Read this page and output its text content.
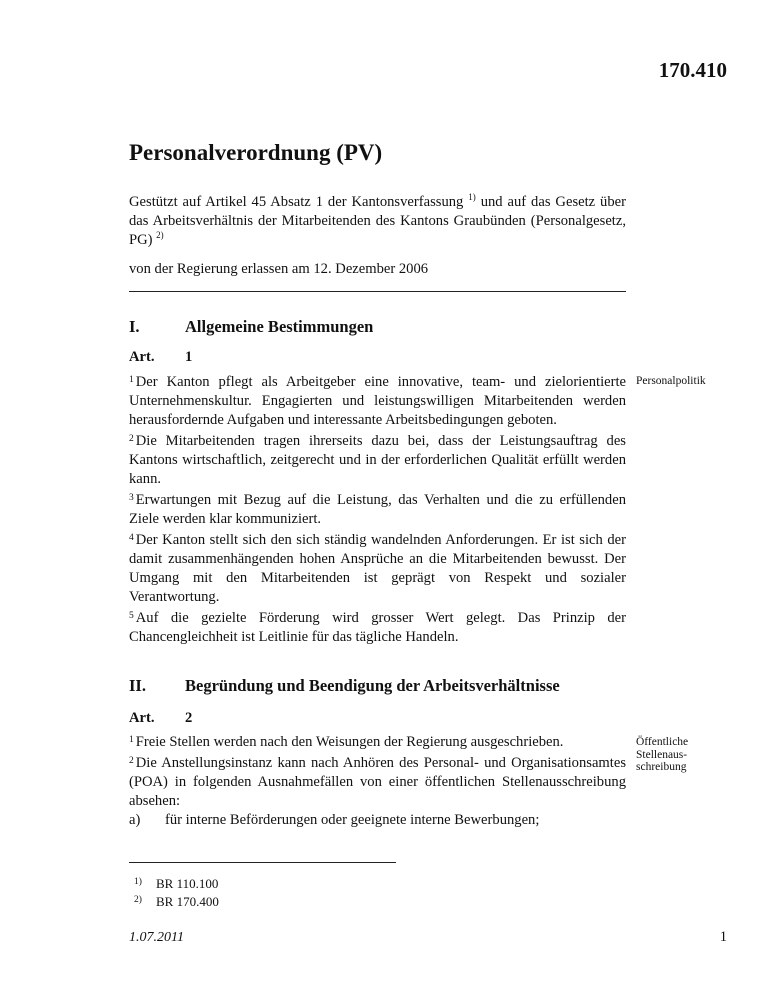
170.410
Personalverordnung (PV)
Gestützt auf Artikel 45 Absatz 1 der Kantonsverfassung $^{1)}$ und auf das Gesetz über das Arbeitsverhältnis der Mitarbeitenden des Kantons Graubünden (Personalgesetz, PG) $^{2)}$
von der Regierung erlassen am 12. Dezember 2006
I.	Allgemeine Bestimmungen
Art. 1
Personalpolitik

$^1$ Der Kanton pflegt als Arbeitgeber eine innovative, team- und zielorientierte Unternehmenskultur. Engagierten und leistungswilligen Mitarbeitenden werden herausfordernde Aufgaben und interessante Arbeitsbedingungen geboten.

$^2$ Die Mitarbeitenden tragen ihrerseits dazu bei, dass der Leistungsauftrag des Kantons wirtschaftlich, zeitgerecht und in der erforderlichen Qualität erfüllt werden kann.

$^3$ Erwartungen mit Bezug auf die Leistung, das Verhalten und die zu erfüllenden Ziele werden klar kommuniziert.

$^4$ Der Kanton stellt sich den sich ständig wandelnden Anforderungen. Er ist sich der damit zusammenhängenden hohen Ansprüche an die Mitarbeitenden bewusst. Der Umgang mit den Mitarbeitenden ist geprägt von Respekt und sozialer Verantwortung.

$^5$ Auf die gezielte Förderung wird grosser Wert gelegt. Das Prinzip der Chancengleichheit ist Leitlinie für das tägliche Handeln.

II. Begründung und Beendigung der Arbeitsverhältnisse
Art. 2
Öffentliche
Stellenaus-
schreibung

$^1$ Freie Stellen werden nach den Weisungen der Regierung ausgeschrieben.

$^2$ Die Anstellungsinstanz kann nach Anhören des Personal- und Organisationsamtes (POA) in folgenden Ausnahmefällen von einer öffentlichen Stellenausschreibung absehen:

a)	für interne Beförderungen oder geeignete interne Bewerbungen;
1) BR 110.100
2) BR 170.400
1.07.2011	1
